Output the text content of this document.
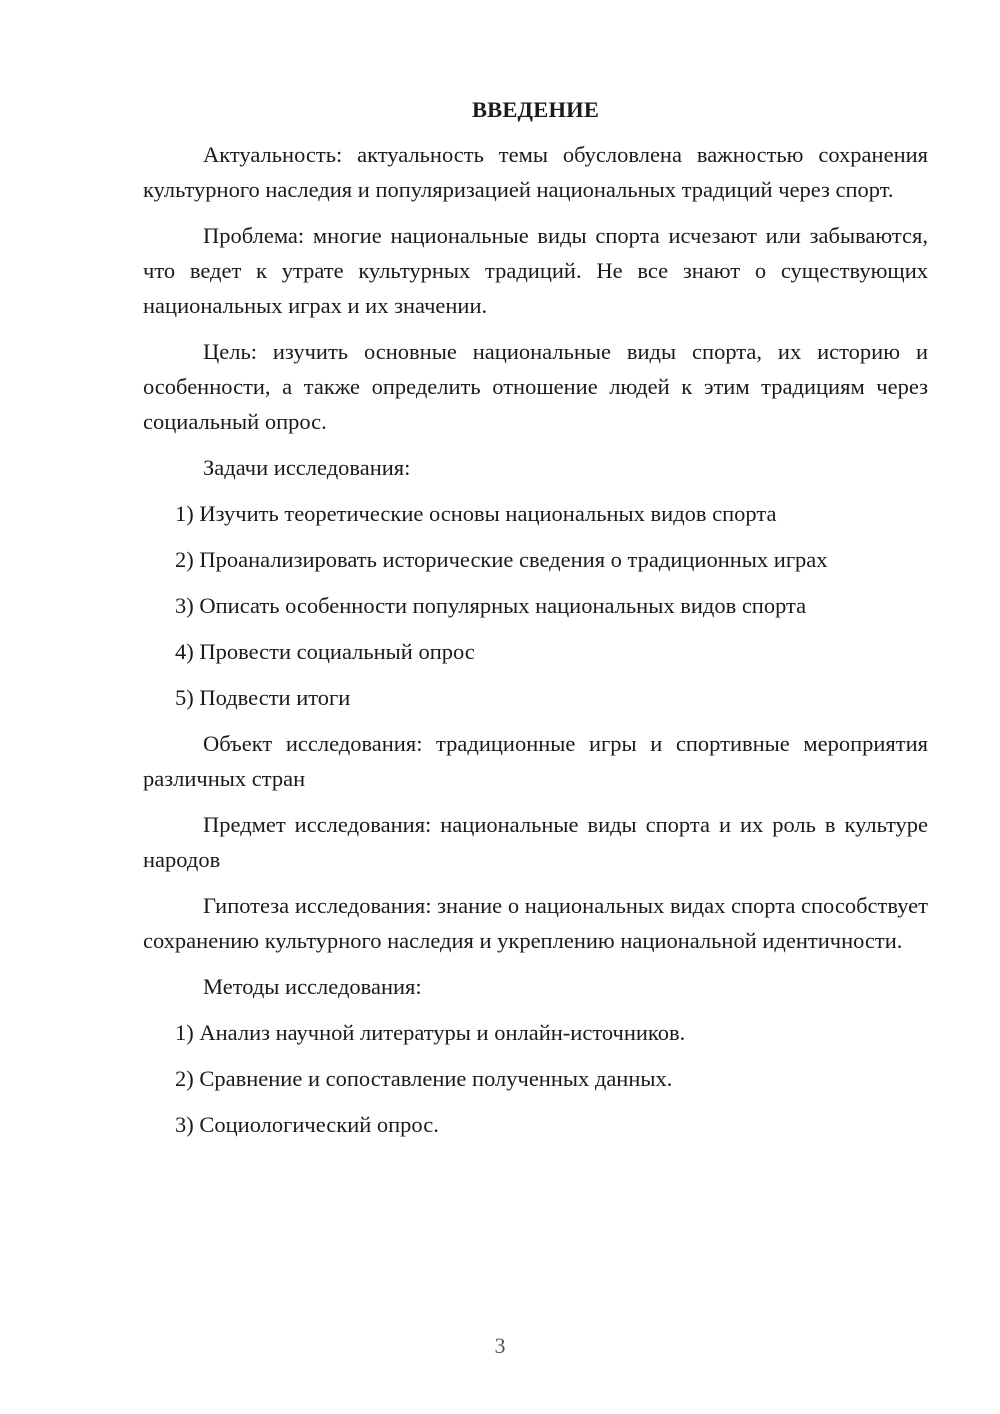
ВВЕДЕНИЕ

Актуальность: актуальность темы обусловлена важностью сохранения культурного наследия и популяризацией национальных традиций через спорт.

Проблема: многие национальные виды спорта исчезают или забываются, что ведет к утрате культурных традиций. Не все знают о существующих национальных играх и их значении.

Цель: изучить основные национальные виды спорта, их историю и особенности, а также определить отношение людей к этим традициям через социальный опрос.

Задачи исследования:

1) Изучить теоретические основы национальных видов спорта
2) Проанализировать исторические сведения о традиционных играх
3) Описать особенности популярных национальных видов спорта
4) Провести социальный опрос
5) Подвести итоги

Объект исследования: традиционные игры и спортивные мероприятия различных стран

Предмет исследования: национальные виды спорта и их роль в культуре народов

Гипотеза исследования: знание о национальных видах спорта способствует сохранению культурного наследия и укреплению национальной идентичности.

Методы исследования:

1) Анализ научной литературы и онлайн-источников.
2) Сравнение и сопоставление полученных данных.
3) Социологический опрос.
3
